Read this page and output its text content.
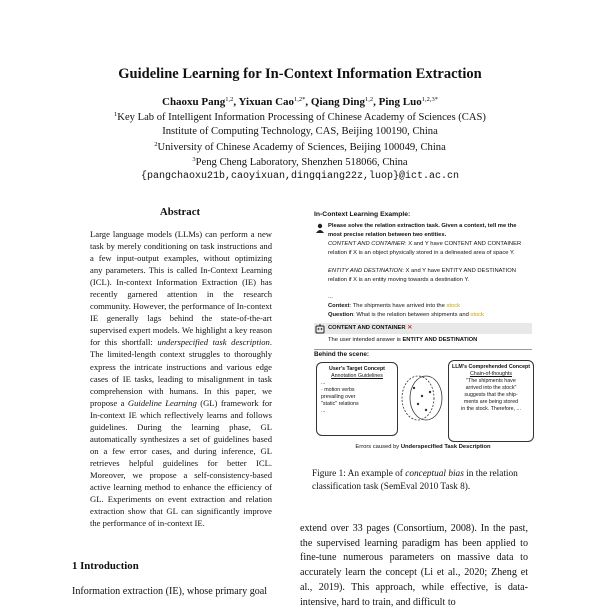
Guideline Learning for In-Context Information Extraction
Chaoxu Pang$^{1,2}$, Yixuan Cao$^{1,2*}$, Qiang Ding$^{1,2}$, Ping Luo$^{1,2,3*}$
$^1$Key Lab of Intelligent Information Processing of Chinese Academy of Sciences (CAS)
Institute of Computing Technology, CAS, Beijing 100190, China
$^2$University of Chinese Academy of Sciences, Beijing 100049, China
$^3$Peng Cheng Laboratory, Shenzhen 518066, China
{pangchaoxu21b,caoyixuan,dingqiang22z,luop}@ict.ac.cn
Abstract

Large language models (LLMs) can perform a new task by merely conditioning on task instructions and a few input-output examples, without optimizing any parameters. This is called In-Context Learning (ICL). In-context Information Extraction (IE) has recently garnered attention in the research community. However, the performance of In-context IE generally lags behind the state-of-the-art supervised expert models. We highlight a key reason for this shortfall: underspecified task description. The limited-length context struggles to thoroughly express the intricate instructions and various edge cases of IE tasks, leading to misalignment in task comprehension with humans. In this paper, we propose a Guideline Learning (GL) framework for In-context IE which reflectively learns and follows guidelines. During the learning phase, GL automatically synthesizes a set of guidelines based on a few error cases, and during inference, GL retrieves helpful guidelines for better ICL. Moreover, we propose a self-consistency-based active learning method to enhance the efficiency of GL. Experiments on event extraction and relation extraction show that GL can significantly improve the performance of in-context IE.

1 Introduction
Information extraction (IE), whose primary goal
In-Context Learning Example:
Please solve the relation extraction task. Given a context, tell me the most precise relation between two entities.
CONTENT AND CONTAINER: X and Y have CONTENT AND CONTAINER relation if X is an object physically stored in a delineated area of space Y.
ENTITY AND DESTINATION: X and Y have ENTITY AND DESTINATION relation if X is an entity moving towards a destination Y.
...
Context: The shipments have arrived into the stock
Question: What is the relation between shipments and stock
CONTENT AND CONTAINER ✕
The user intended answer is ENTITY AND DESTINATION
Behind the scene:
User's Target Concept
Annotation Guidelines
...
· motion verbs
prevailing over
"static" relations
...
LLM's Comprehended Concept
Chain-of-thoughts
"The shipments have
arrived into the stock"
suggests that the ship-
ments are being stored
in the stock. Therefore, ...
Errors caused by Underspecified Task Description
Figure 1: An example of conceptual bias in the relation classification task (SemEval 2010 Task 8).

extend over 33 pages (Consortium, 2008). In the past, the supervised learning paradigm has been applied to fine-tune numerous parameters on massive data to accurately learn the concept (Li et al., 2020; Zheng et al., 2019). This approach, while effective, is data-intensive, hard to train, and difficult to
